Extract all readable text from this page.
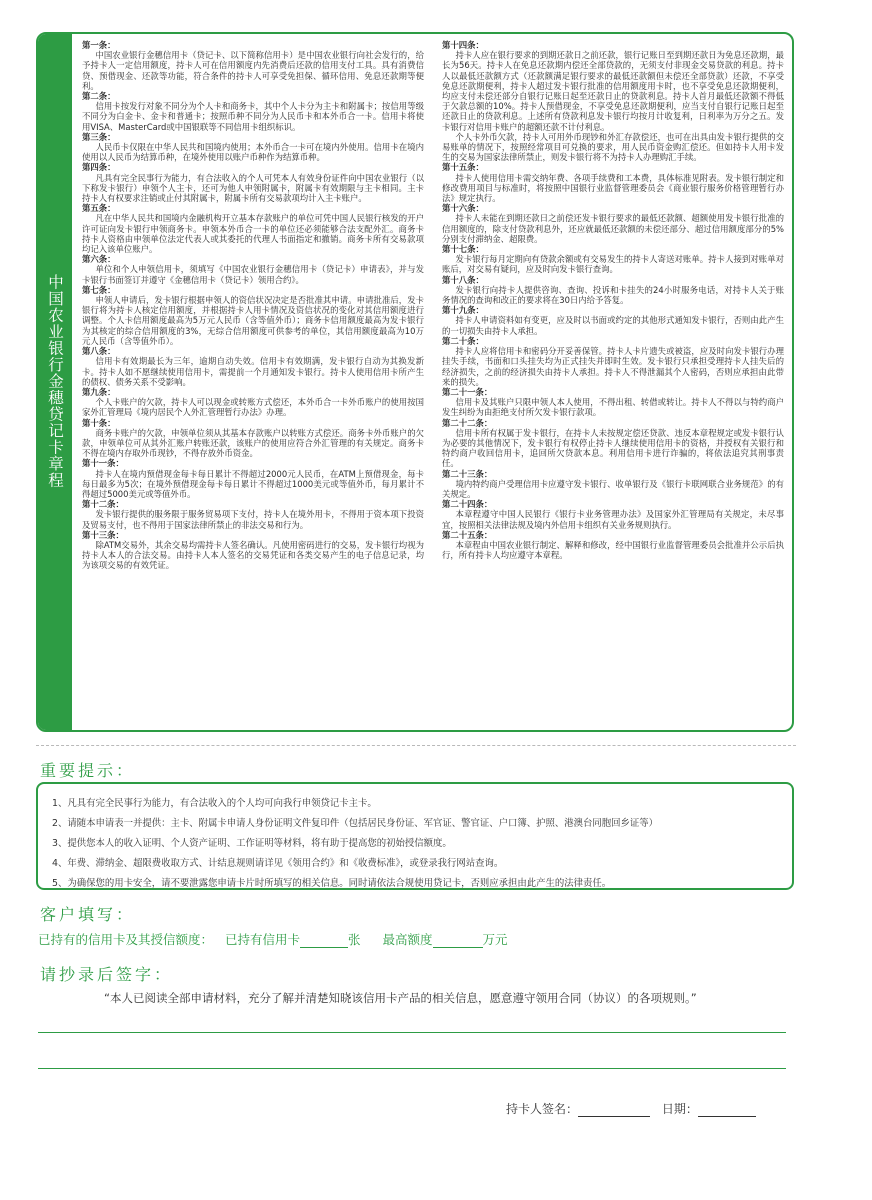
中国农业银行金穗贷记卡章程
第一条：

中国农业银行金穗信用卡（贷记卡、以下简称信用卡）是中国农业银行向社会发行的，给予持卡人一定信用额度，持卡人可在信用额度内先消费后还款的信用支付工具。具有消费信贷、预借现金、还款等功能，符合条件的持卡人可享受免担保、循环信用、免息还款期等便利。

第二条：

信用卡按发行对象不同分为个人卡和商务卡，其中个人卡分为主卡和附属卡；按信用等级不同分为白金卡、金卡和普通卡；按照币种不同分为人民币卡和本外币合一卡。信用卡将使用VISA、MasterCard或中国银联等不同信用卡组织标识。

第三条：

人民币卡仅限在中华人民共和国境内使用；本外币合一卡可在境内外使用。信用卡在境内使用以人民币为结算币种，在境外使用以账户币种作为结算币种。

第四条：

凡具有完全民事行为能力，有合法收入的个人可凭本人有效身份证件向中国农业银行（以下称发卡银行）申领个人主卡，还可为他人申领附属卡，附属卡有效期限与主卡相同。主卡持卡人有权要求注销或止付其附属卡，附属卡所有交易款项均计入主卡账户。

第五条：

凡在中华人民共和国境内金融机构开立基本存款账户的单位可凭中国人民银行核发的开户许可证向发卡银行申领商务卡。申领本外币合一卡的单位还必须能够合法支配外汇。商务卡持卡人资格由申领单位法定代表人或其委托的代理人书面指定和撤销。商务卡所有交易款项均记入该单位账户。

第六条：

单位和个人申领信用卡，须填写《中国农业银行金穗信用卡（贷记卡）申请表》，并与发卡银行书面签订并遵守《金穗信用卡（贷记卡）领用合约》。

第七条：

申领人申请后，发卡银行根据申领人的资信状况决定是否批准其申请。申请批准后，发卡银行将为持卡人核定信用额度，并根据持卡人用卡情况及资信状况的变化对其信用额度进行调整。个人卡信用额度最高为5万元人民币（含等值外币）；商务卡信用额度最高为发卡银行为其核定的综合信用额度的3%，无综合信用额度可供参考的单位，其信用额度最高为10万元人民币（含等值外币）。

第八条：

信用卡有效期最长为三年，逾期自动失效。信用卡有效期满，发卡银行自动为其换发新卡。持卡人如不愿继续使用信用卡，需提前一个月通知发卡银行。持卡人使用信用卡所产生的债权、债务关系不受影响。

第九条：

个人卡账户的欠款，持卡人可以现金或转账方式偿还，本外币合一卡外币账户的使用按国家外汇管理局《境内居民个人外汇管理暂行办法》办理。

第十条：

商务卡账户的欠款，申领单位须从其基本存款账户以转账方式偿还。商务卡外币账户的欠款，申领单位可从其外汇账户转账还款，该账户的使用应符合外汇管理的有关规定。商务卡不得在境内存取外币现钞，不得存放外币资金。

第十一条：

持卡人在境内预借现金每卡每日累计不得超过2000元人民币，在ATM上预借现金，每卡每日最多为5次；在境外预借现金每卡每日累计不得超过1000美元或等值外币，每月累计不得超过5000美元或等值外币。

第十二条：

发卡银行提供的服务限于服务贸易项下支付，持卡人在境外用卡，不得用于资本项下投资及贸易支付，也不得用于国家法律所禁止的非法交易和行为。

第十三条：

除ATM交易外，其余交易均需持卡人签名确认。凡使用密码进行的交易，发卡银行均视为持卡人本人的合法交易。由持卡人本人签名的交易凭证和各类交易产生的电子信息记录，均为该项交易的有效凭证。

第十四条：

持卡人应在银行要求的到期还款日之前还款，银行记账日至到期还款日为免息还款期，最长为56天。持卡人在免息还款期内偿还全部贷款的，无须支付非现金交易贷款的利息。持卡人以最低还款额方式（还款额满足银行要求的最低还款额但未偿还全部贷款）还款，不享受免息还款期便利，持卡人超过发卡银行批准的信用额度用卡时，也不享受免息还款期便利，均应支付未偿还部分自银行记账日起至还款日止的贷款利息。持卡人首月最低还款额不得低于欠款总额的10%。持卡人预借现金，不享受免息还款期便利，应当支付自银行记账日起至还款日止的贷款利息。上述所有贷款利息发卡银行均按月计收复利，日利率为万分之五。发卡银行对信用卡账户的超额还款不计付利息。

个人卡外币欠款，持卡人可用外币现钞和外汇存款偿还，也可在出具由发卡银行提供的交易账单的情况下，按照经常项目可兑换的要求，用人民币资金购汇偿还。但如持卡人用卡发生的交易为国家法律所禁止，则发卡银行将不为持卡人办理购汇手续。

第十五条：

持卡人使用信用卡需交纳年费、各项手续费和工本费，具体标准见附表。发卡银行制定和修改费用项目与标准时，将按照中国银行业监督管理委员会《商业银行服务价格管理暂行办法》规定执行。

第十六条：

持卡人未能在到期还款日之前偿还发卡银行要求的最低还款额、超额使用发卡银行批准的信用额度的，除支付贷款利息外，还应就最低还款额的未偿还部分、超过信用额度部分的5%分别支付滞纳金、超限费。

第十七条：

发卡银行每月定期向有贷款余额或有交易发生的持卡人寄送对账单。持卡人接到对账单对账后，对交易有疑问，应及时向发卡银行查询。

第十八条：

发卡银行向持卡人提供咨询、查询、投诉和卡挂失的24小时服务电话，对持卡人关于账务情况的查询和改正的要求将在30日内给予答复。

第十九条：

持卡人申请资料如有变更，应及时以书面或约定的其他形式通知发卡银行，否则由此产生的一切损失由持卡人承担。

第二十条：

持卡人应将信用卡和密码分开妥善保管。持卡人卡片遗失或被盗，应及时向发卡银行办理挂失手续，书面和口头挂失均为正式挂失并即时生效。发卡银行只承担受理持卡人挂失后的经济损失，之前的经济损失由持卡人承担。持卡人不得泄漏其个人密码，否则应承担由此带来的损失。

第二十一条：

信用卡及其账户只限申领人本人使用，不得出租、转借或转让。持卡人不得以与特约商户发生纠纷为由拒绝支付所欠发卡银行款项。

第二十二条：

信用卡所有权属于发卡银行，在持卡人未按规定偿还贷款、违反本章程规定或发卡银行认为必要的其他情况下，发卡银行有权停止持卡人继续使用信用卡的资格，并授权有关银行和特约商户收回信用卡，追回所欠贷款本息。利用信用卡进行诈骗的，将依法追究其刑事责任。

第二十三条：

境内特约商户受理信用卡应遵守发卡银行、收单银行及《银行卡联网联合业务规范》的有关规定。

第二十四条：

本章程遵守中国人民银行《银行卡业务管理办法》及国家外汇管理局有关规定，未尽事宜，按照相关法律法规及境内外信用卡组织有关业务规则执行。

第二十五条：

本章程由中国农业银行制定、解释和修改，经中国银行业监督管理委员会批准并公示后执行，所有持卡人均应遵守本章程。

重要提示：
1、凡具有完全民事行为能力，有合法收入的个人均可向我行申领贷记卡主卡。
2、请随本申请表一并提供：主卡、附属卡申请人身份证明文件复印件（包括居民身份证、军官证、警官证、户口簿、护照、港澳台同胞回乡证等）
3、提供您本人的收入证明、个人资产证明、工作证明等材料，将有助于提高您的初始授信额度。
4、年费、滞纳金、超限费收取方式、计结息规则请详见《领用合约》和《收费标准》，或登录我行网站查询。
5、为确保您的用卡安全，请不要泄露您申请卡片时所填写的相关信息。同时请依法合规使用贷记卡，否则应承担由此产生的法律责任。
客户填写：
已持有的信用卡及其授信额度： 已持有信用卡	张 最高额度	万元
请抄录后签字：
“本人已阅读全部申请材料，充分了解并清楚知晓该信用卡产品的相关信息，愿意遵守领用合同（协议）的各项规则。”
持卡人签名：	日期：
